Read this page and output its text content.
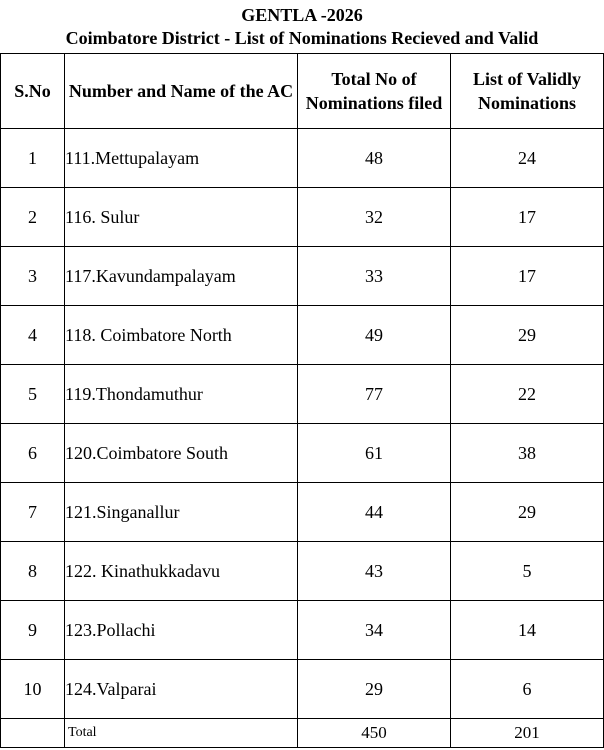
GENTLA -2026
Coimbatore District - List of Nominations Recieved and Valid
S.No	Number and Name of the AC	Total No of Nominations filed	List of Validly Nominations
1	111.Mettupalayam	48	24
2	116. Sulur	32	17
3	117.Kavundampalayam	33	17
4	118. Coimbatore North	49	29
5	119.Thondamuthur	77	22
6	120.Coimbatore South	61	38
7	121.Singanallur	44	29
8	122. Kinathukkadavu	43	5
9	123.Pollachi	34	14
10	124.Valparai	29	6
	Total	450	201
